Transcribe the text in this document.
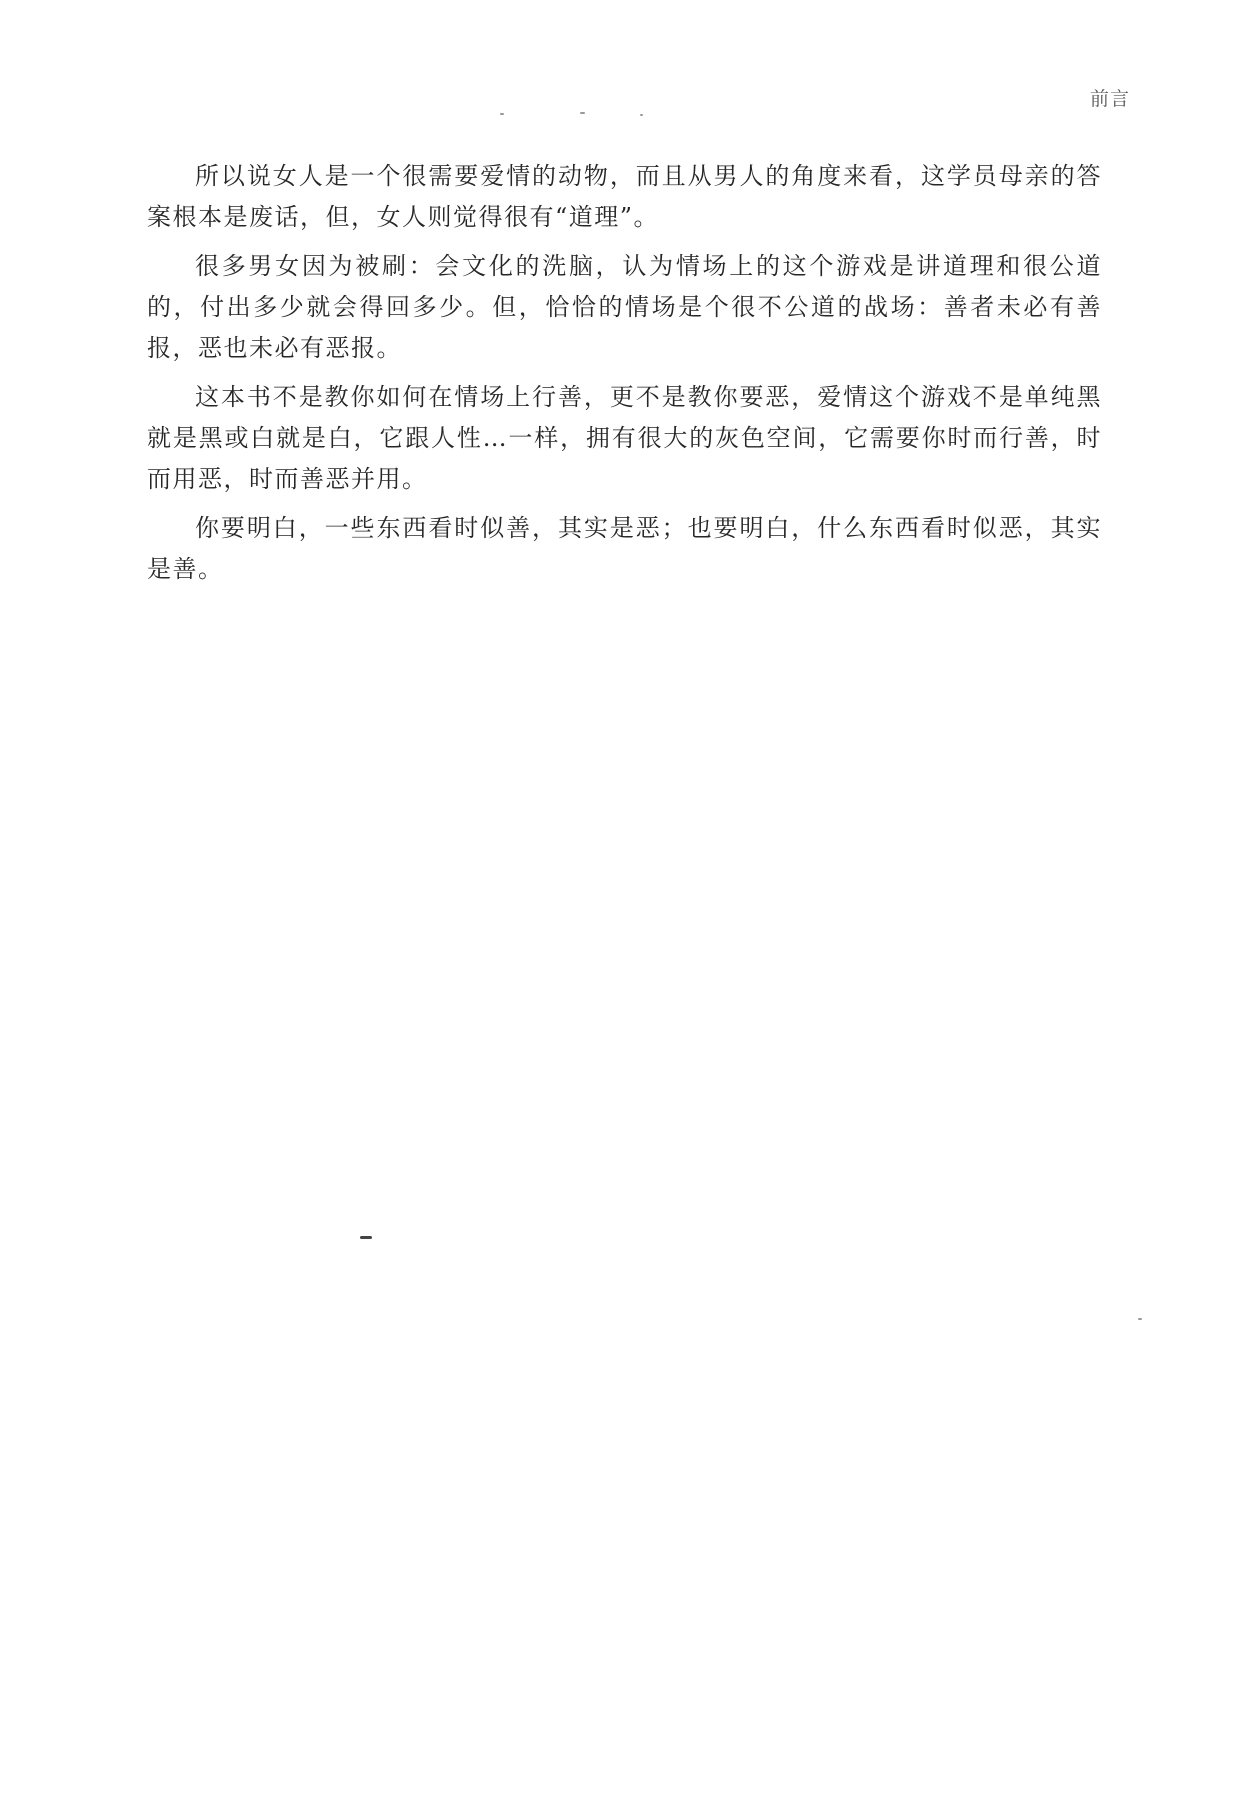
前言

所以说女人是一个很需要爱情的动物，而且从男人的角度来看，这学员母亲的答案根本是废话，但，女人则觉得很有“道理”。

很多男女因为被刷：会文化的洗脑，认为情场上的这个游戏是讲道理和很公道的，付出多少就会得回多少。但，恰恰的情场是个很不公道的战场：善者未必有善报，恶也未必有恶报。

这本书不是教你如何在情场上行善，更不是教你要恶，爱情这个游戏不是单纯黑就是黑或白就是白，它跟人性…一样，拥有很大的灰色空间，它需要你时而行善，时而用恶，时而善恶并用。

你要明白，一些东西看时似善，其实是恶；也要明白，什么东西看时似恶，其实是善。
